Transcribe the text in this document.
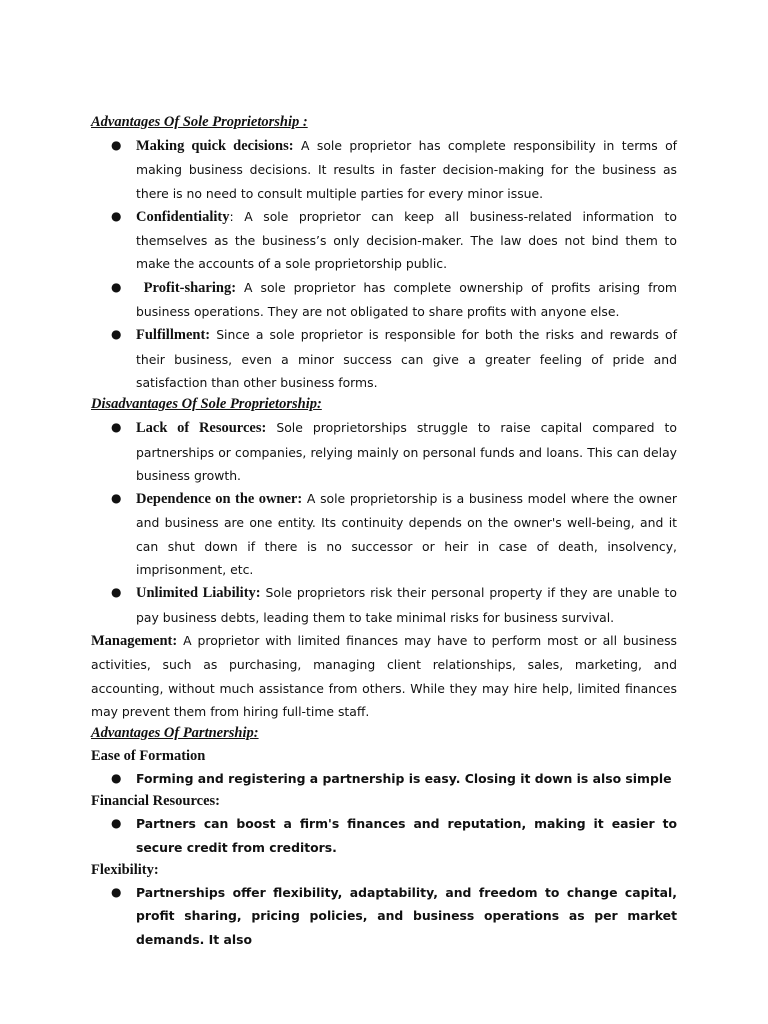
Advantages Of Sole Proprietorship :
● Making quick decisions: A sole proprietor has complete responsibility in terms of making business decisions. It results in faster decision-making for the business as there is no need to consult multiple parties for every minor issue.
● Confidentiality: A sole proprietor can keep all business-related information to themselves as the business’s only decision-maker. The law does not bind them to make the accounts of a sole proprietorship public.
● Profit-sharing: A sole proprietor has complete ownership of profits arising from business operations. They are not obligated to share profits with anyone else.
● Fulfillment: Since a sole proprietor is responsible for both the risks and rewards of their business, even a minor success can give a greater feeling of pride and satisfaction than other business forms.
Disadvantages Of Sole Proprietorship:
● Lack of Resources: Sole proprietorships struggle to raise capital compared to partnerships or companies, relying mainly on personal funds and loans. This can delay business growth.
● Dependence on the owner: A sole proprietorship is a business model where the owner and business are one entity. Its continuity depends on the owner's well-being, and it can shut down if there is no successor or heir in case of death, insolvency, imprisonment, etc.
● Unlimited Liability: Sole proprietors risk their personal property if they are unable to pay business debts, leading them to take minimal risks for business survival.

Management: A proprietor with limited finances may have to perform most or all business activities, such as purchasing, managing client relationships, sales, marketing, and accounting, without much assistance from others. While they may hire help, limited finances may prevent them from hiring full-time staff.

Advantages Of Partnership:
Ease of Formation
● Forming and registering a partnership is easy. Closing it down is also simple
Financial Resources:
● Partners can boost a firm's finances and reputation, making it easier to secure credit from creditors.
Flexibility:
● Partnerships offer flexibility, adaptability, and freedom to change capital, profit sharing, pricing policies, and business operations as per market demands. It also
